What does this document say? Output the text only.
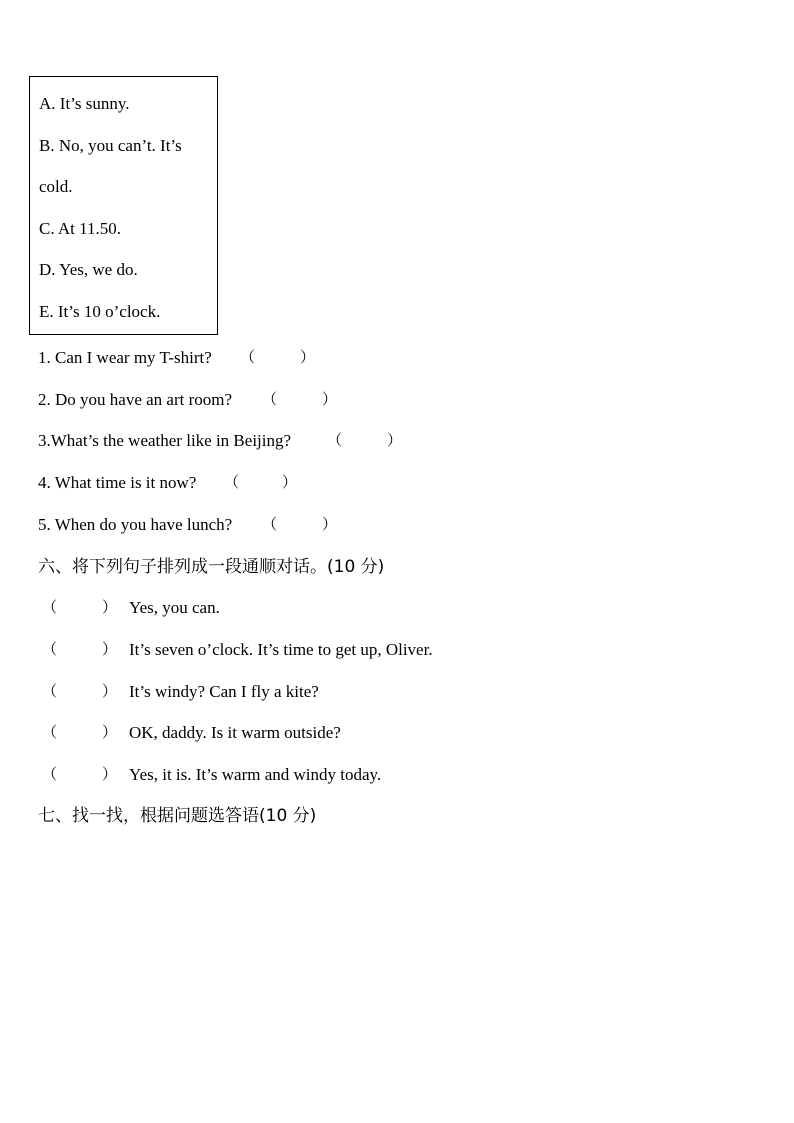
A. It’s sunny.
B. No, you can’t. It’s
cold.
C. At 11.50.
D. Yes, we do.
E. It’s 10 o’clock.
1. Can I wear my T-shirt? （	）
2. Do you have an art room? （	）
3.What’s the weather like in Beijing? （	）
4. What time is it now? （	）
5. When do you have lunch? （	）
六、将下列句子排列成一段通顺对话。(10 分)
（	） Yes, you can.
（	） It’s seven o’clock. It’s time to get up, Oliver.
（	） It’s windy? Can I fly a kite?
（	） OK, daddy. Is it warm outside?
（	） Yes, it is. It’s warm and windy today.
七、找一找，根据问题选答语(10 分)
